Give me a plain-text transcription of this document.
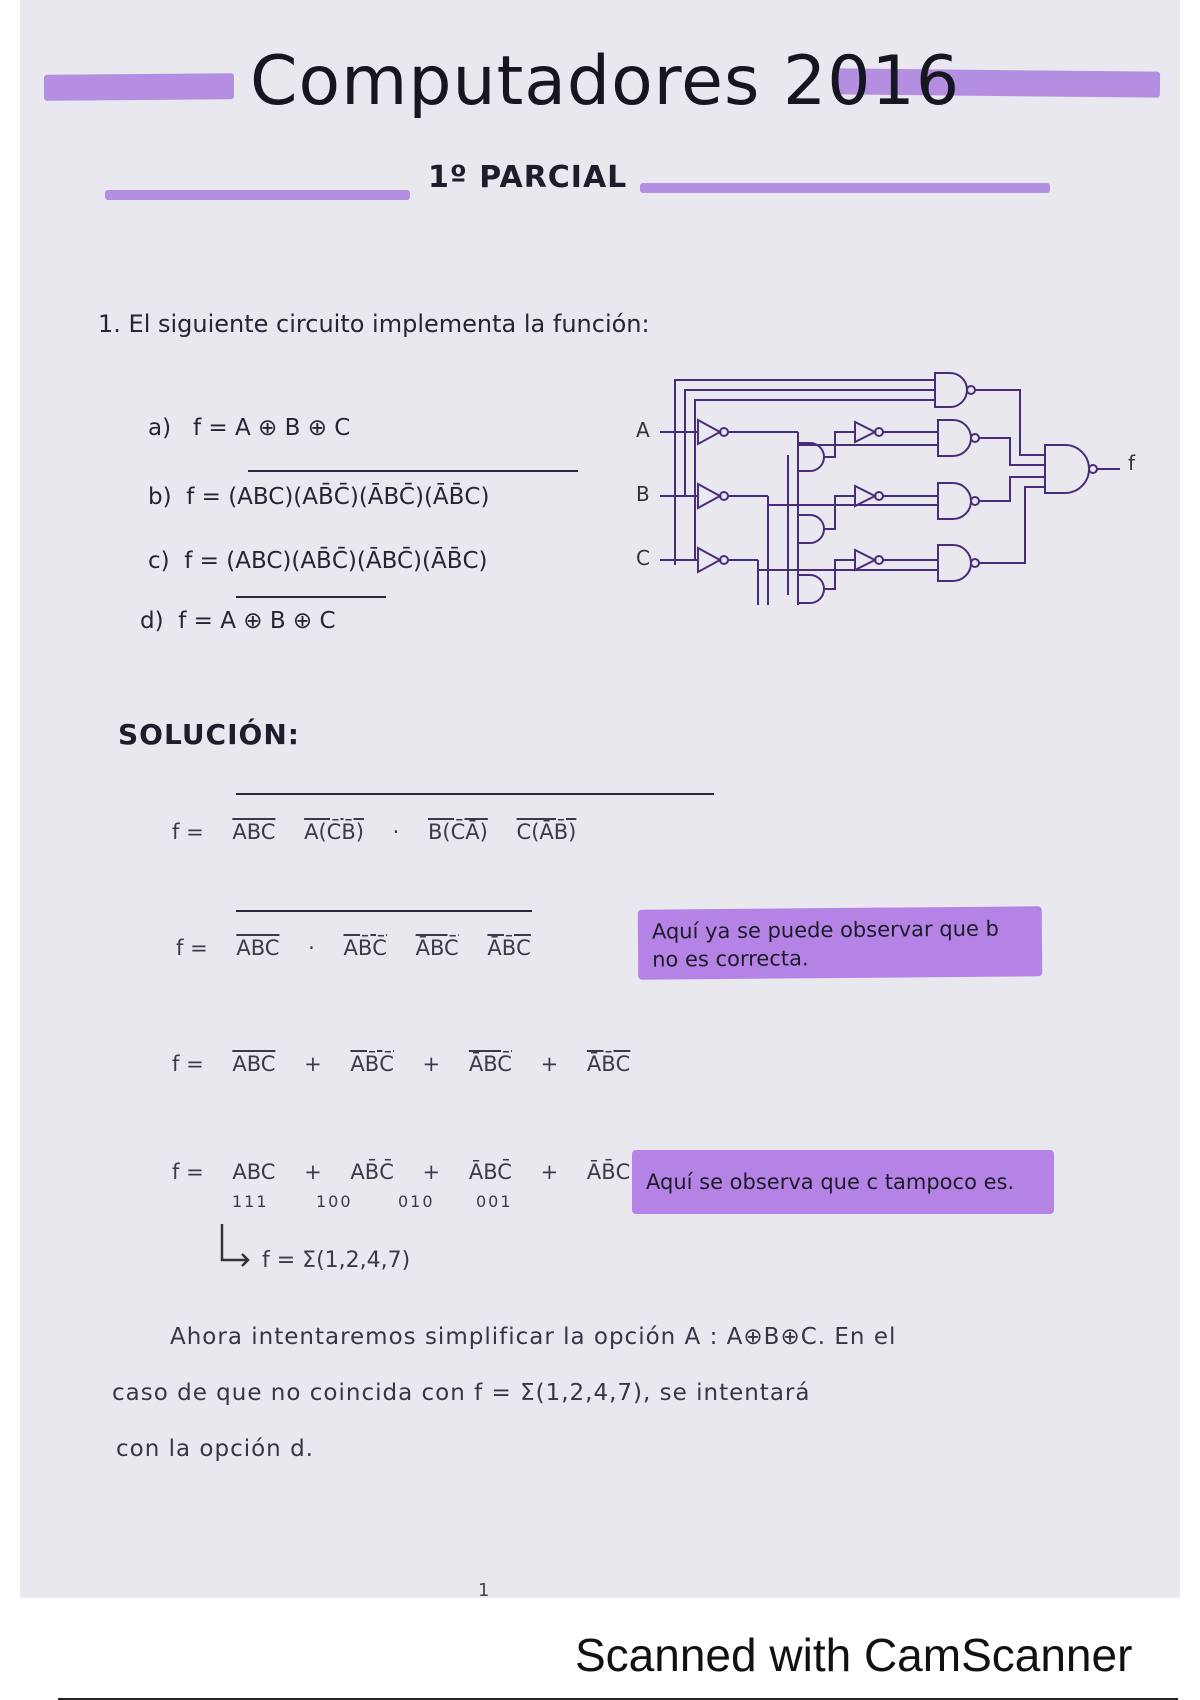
Computadores 2016
1º PARCIAL
1. El siguiente circuito implementa la función:
a) f = A ⊕ B ⊕ C
b) f = (ABC)(AB̄C̄)(ĀBC̄)(ĀB̄C)
c) f = (ABC)(AB̄C̄)(ĀBC̄)(ĀB̄C)
d) f = A ⊕ B ⊕ C
A
B
C
f
SOLUCIÓN:
$f = \overline{ABC}$ A(C̄B̄) · B(C̄Ā) C(ĀB̄)
$f = \overline{ABC}$ · AB̄C̄ ĀBC̄ ĀB̄C
Aquí ya se puede observar que b no es correcta.
$f = \overline{ABC}$ + AB̄C̄ + ĀBC̄ + ĀB̄C
f = ABC + AB̄C̄ + ĀBC̄ + ĀB̄C
111	100	010	001
Aquí se observa que c tampoco es.
f = Σ(1,2,4,7)
Ahora intentaremos simplificar la opción A : A⊕B⊕C. En el
caso de que no coincida con f = Σ(1,2,4,7), se intentará
con la opción d.
1
Scanned with CamScanner
